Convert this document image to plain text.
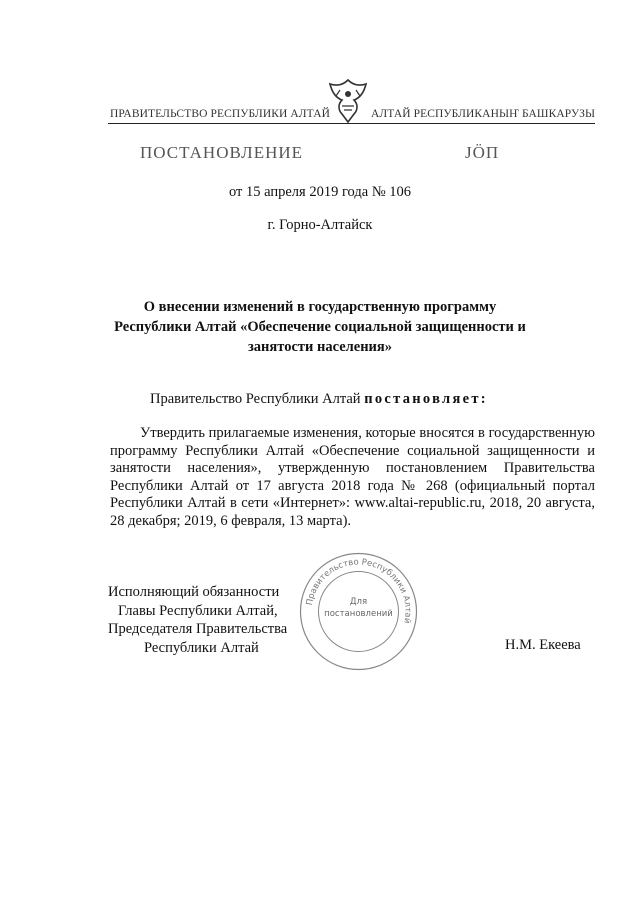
ПРАВИТЕЛЬСТВО РЕСПУБЛИКИ АЛТАЙ	АЛТАЙ РЕСПУБЛИКАНЫҤ БАШКАРУЗЫ
ПОСТАНОВЛЕНИЕ	ЈӦП
от 15 апреля 2019 года № 106
г. Горно-Алтайск
О внесении изменений в государственную программу
Республики Алтай «Обеспечение социальной защищенности и
занятости населения»
Правительство Республики Алтай постановляет:
Утвердить прилагаемые изменения, которые вносятся в государственную программу Республики Алтай «Обеспечение социальной защищенности и занятости населения», утвержденную постановлением Правительства Республики Алтай от 17 августа 2018 года № 268 (официальный портал Республики Алтай в сети «Интернет»: www.altai-republic.ru, 2018, 20 августа, 28 декабря; 2019, 6 февраля, 13 марта).
Правительство Республики Алтай
Для
постановлений
Исполняющий обязанности
Главы Республики Алтай,
Председателя Правительства
Республики Алтай	Н.М. Екеева
